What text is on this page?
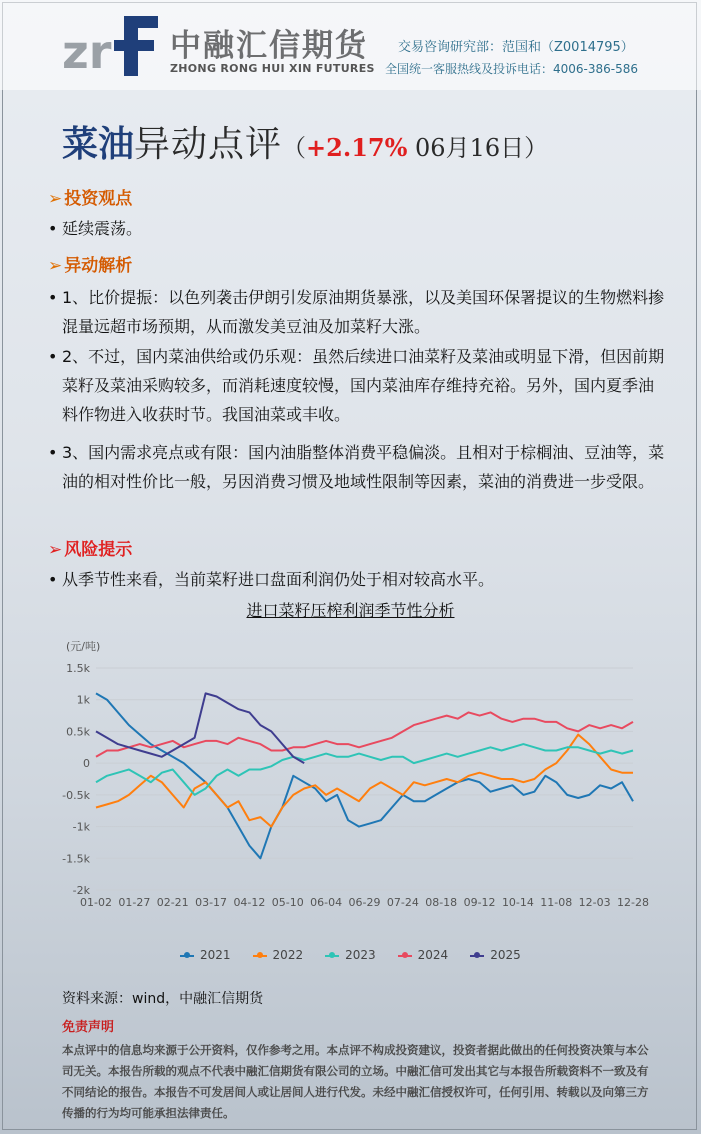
zr 中融汇信期货
ZHONG RONG HUI XIN FUTURES
交易咨询研究部：范国和（Z0014795）
全国统一客服热线及投诉电话：4006-386-586
菜油异动点评（+2.17% 06月16日）
➢ 投资观点
• 延续震荡。
➢ 异动解析
• 1、比价提振：以色列袭击伊朗引发原油期货暴涨，以及美国环保署提议的生物燃料掺混量远超市场预期，从而激发美豆油及加菜籽大涨。
• 2、不过，国内菜油供给或仍乐观：虽然后续进口油菜籽及菜油或明显下滑，但因前期菜籽及菜油采购较多，而消耗速度较慢，国内菜油库存维持充裕。另外，国内夏季油料作物进入收获时节。我国油菜或丰收。
• 3、国内需求亮点或有限：国内油脂整体消费平稳偏淡。且相对于棕榈油、豆油等，菜油的相对性价比一般，另因消费习惯及地域性限制等因素，菜油的消费进一步受限。
➢ 风险提示
• 从季节性来看，当前菜籽进口盘面利润仍处于相对较高水平。
进口菜籽压榨利润季节性分析
(元/吨)
1.5k
1k
0.5k
0
-0.5k
-1k
-1.5k
-2k
01-02 01-27 02-21 03-17 04-12 05-10 06-04 06-29 07-24 08-18 09-12 10-14 11-08 12-03 12-28
2021	2022	2023	2024	2025
资料来源：wind，中融汇信期货
免责声明
本点评中的信息均来源于公开资料，仅作参考之用。本点评不构成投资建议，投资者据此做出的任何投资决策与本公司无关。本报告所载的观点不代表中融汇信期货有限公司的立场。中融汇信可发出其它与本报告所载资料不一致及有不同结论的报告。本报告不可发居间人或让居间人进行代发。未经中融汇信授权许可，任何引用、转载以及向第三方传播的行为均可能承担法律责任。
